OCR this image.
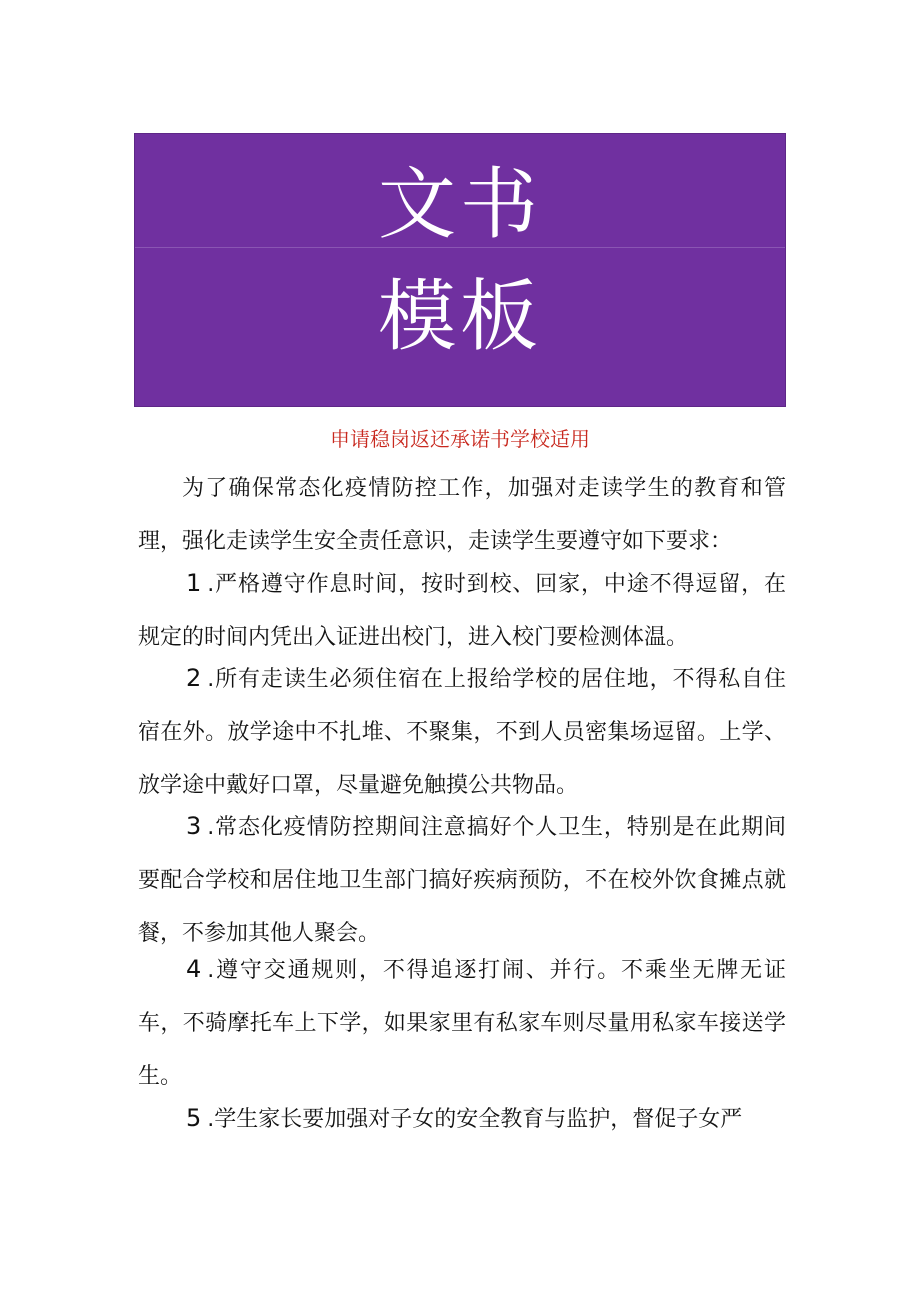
文书
模板
申请稳岗返还承诺书学校适用

为了确保常态化疫情防控工作，加强对走读学生的教育和管理，强化走读学生安全责任意识，走读学生要遵守如下要求：

1 .严格遵守作息时间，按时到校、回家，中途不得逗留，在规定的时间内凭出入证进出校门，进入校门要检测体温。

2 .所有走读生必须住宿在上报给学校的居住地，不得私自住宿在外。放学途中不扎堆、不聚集，不到人员密集场逗留。上学、放学途中戴好口罩，尽量避免触摸公共物品。

3 .常态化疫情防控期间注意搞好个人卫生，特别是在此期间要配合学校和居住地卫生部门搞好疾病预防，不在校外饮食摊点就餐，不参加其他人聚会。

4 .遵守交通规则，不得追逐打闹、并行。不乘坐无牌无证车，不骑摩托车上下学，如果家里有私家车则尽量用私家车接送学生。

5 .学生家长要加强对子女的安全教育与监护，督促子女严
